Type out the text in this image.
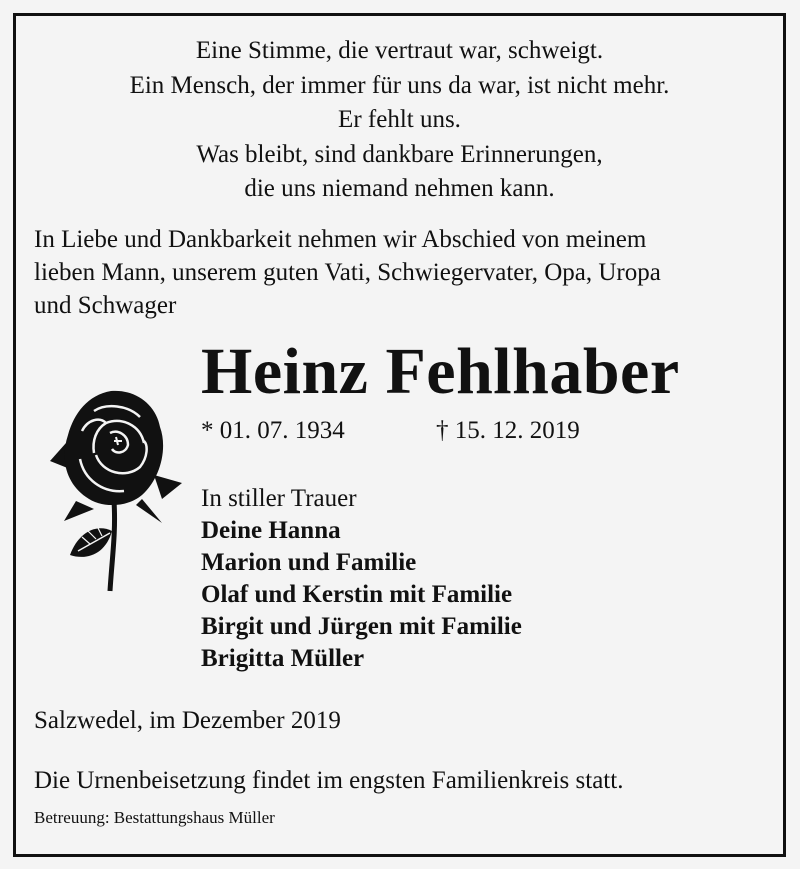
Eine Stimme, die vertraut war, schweigt.
Ein Mensch, der immer für uns da war, ist nicht mehr.
Er fehlt uns.
Was bleibt, sind dankbare Erinnerungen,
die uns niemand nehmen kann.
In Liebe und Dankbarkeit nehmen wir Abschied von meinem
lieben Mann, unserem guten Vati, Schwiegervater, Opa, Uropa
und Schwager
Heinz Fehlhaber
* 01. 07. 1934	† 15. 12. 2019
In stiller Trauer
Deine Hanna
Marion und Familie
Olaf und Kerstin mit Familie
Birgit und Jürgen mit Familie
Brigitta Müller
Salzwedel, im Dezember 2019
Die Urnenbeisetzung findet im engsten Familienkreis statt.
Betreuung: Bestattungshaus Müller
